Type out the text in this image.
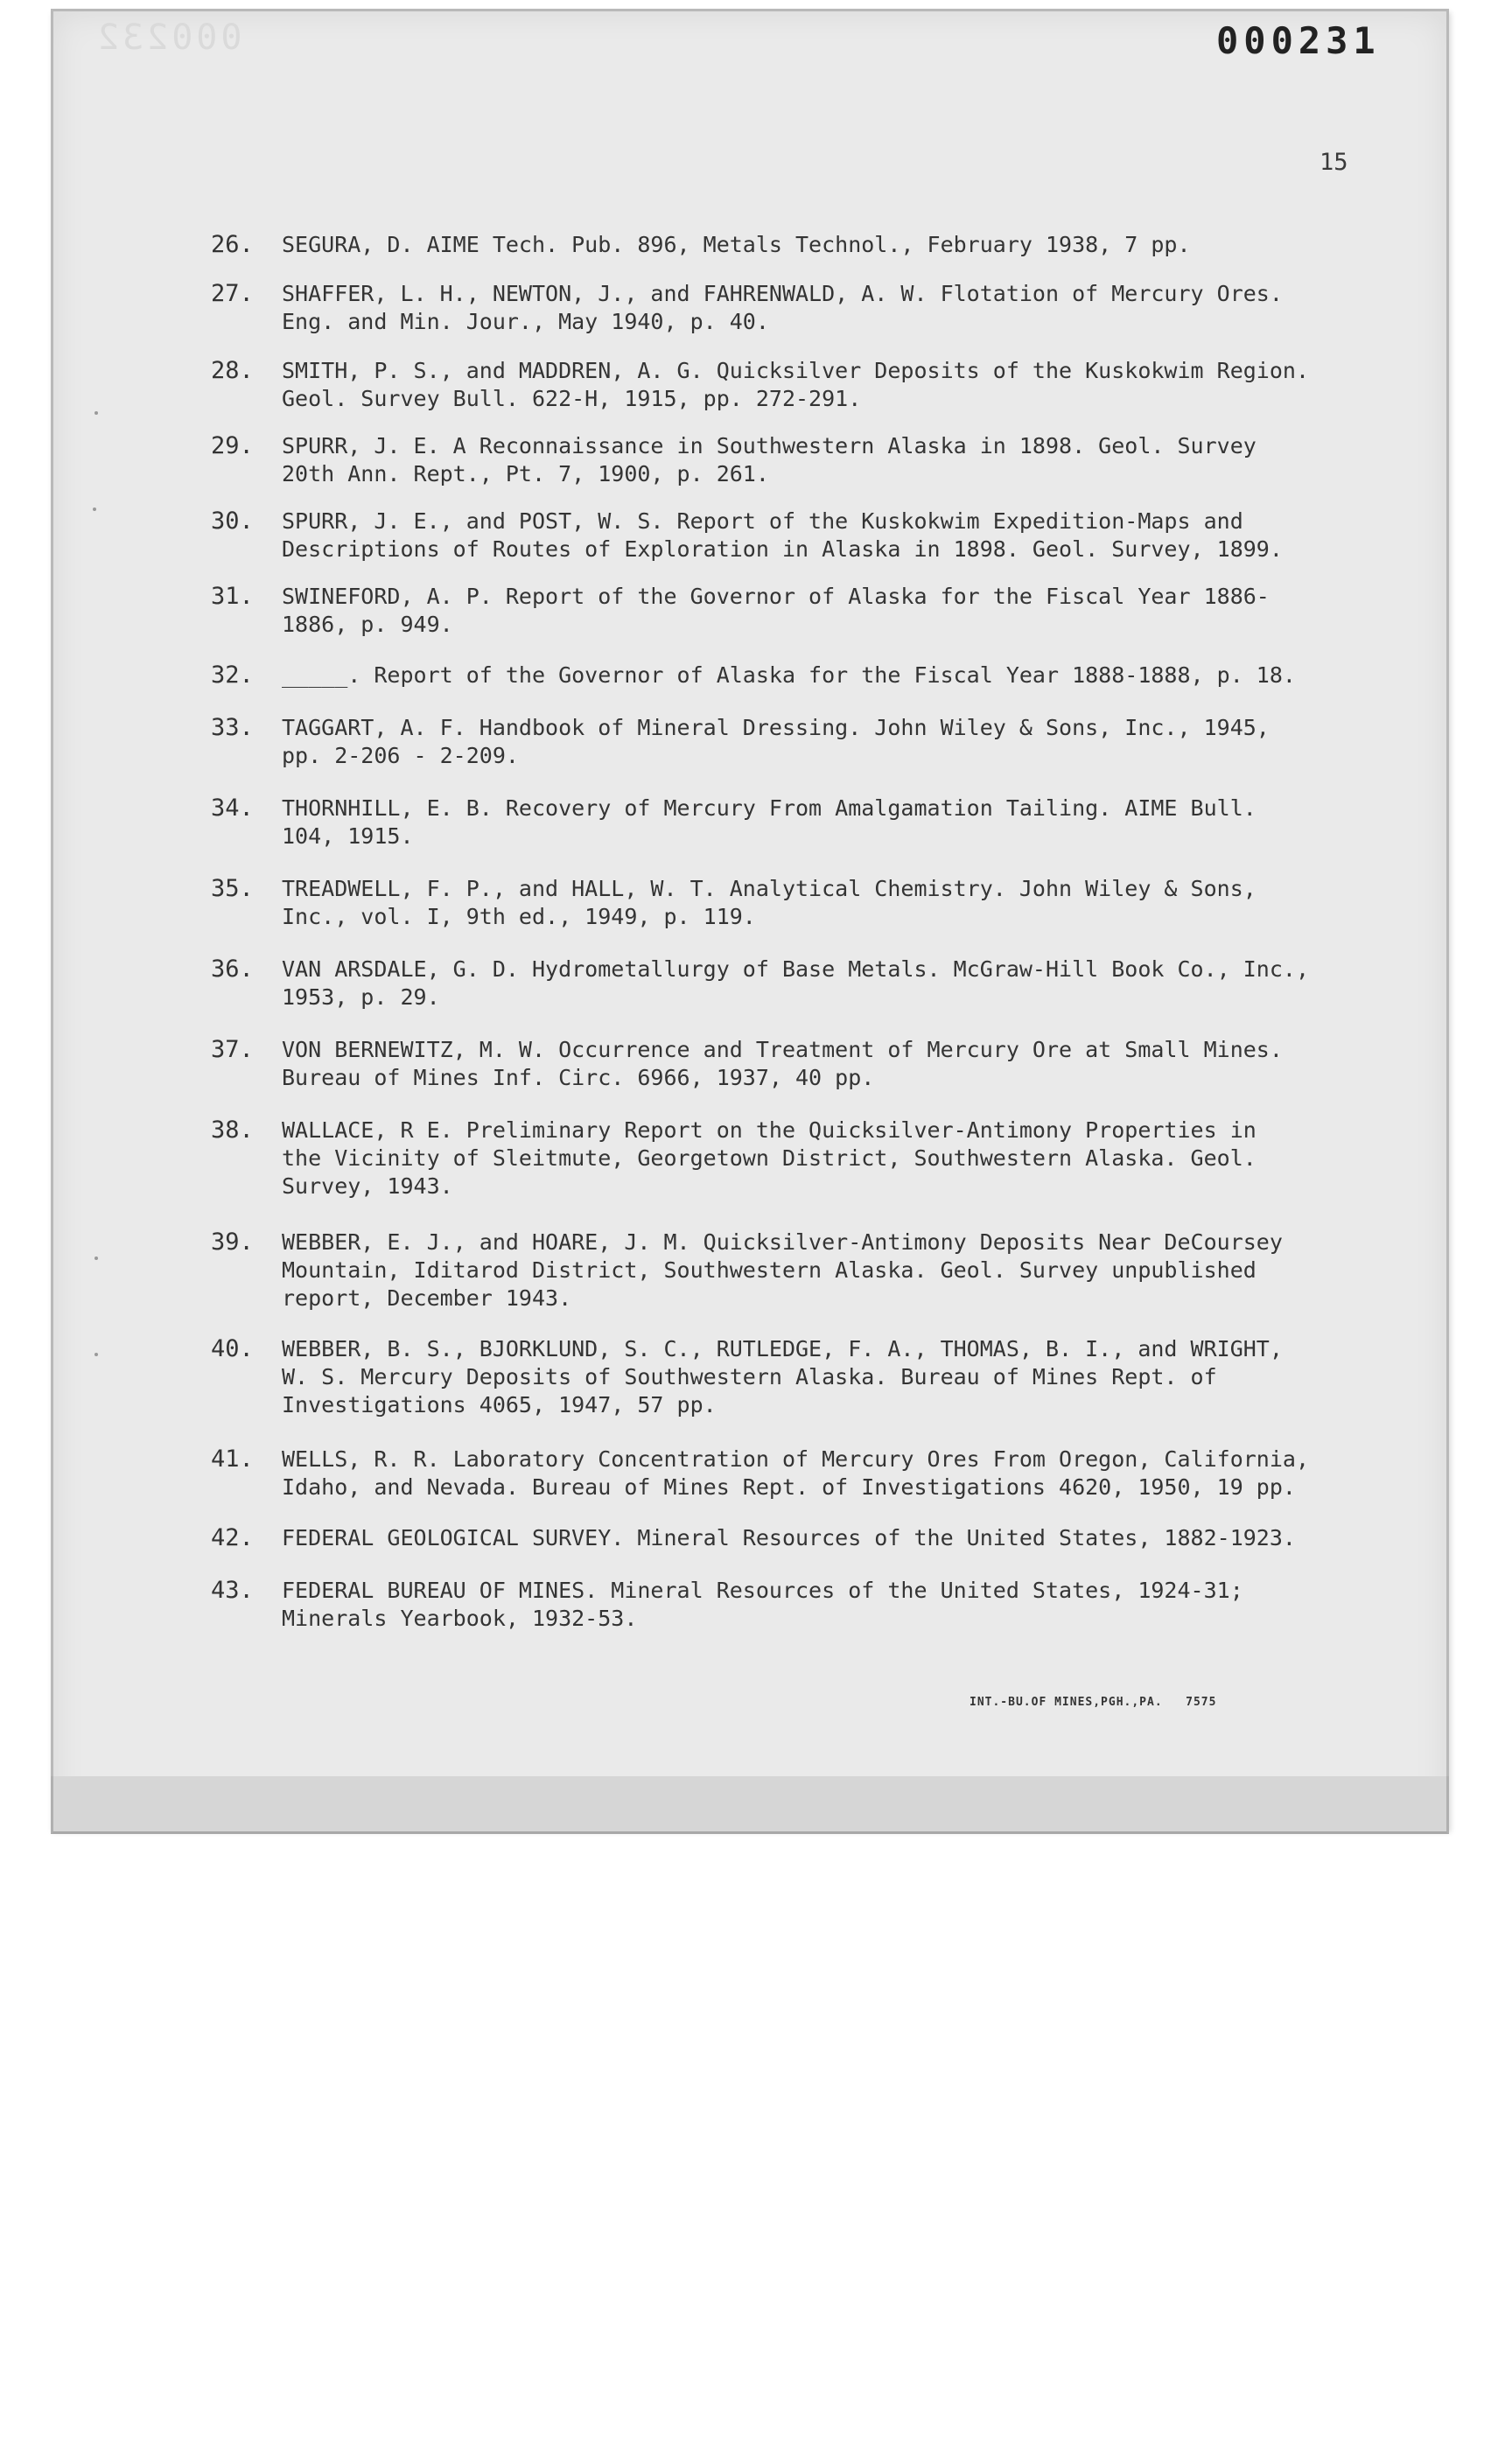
000232	000231
15
26. SEGURA, D. AIME Tech. Pub. 896, Metals Technol., February 1938, 7 pp.
27. SHAFFER, L. H., NEWTON, J., and FAHRENWALD, A. W. Flotation of Mercury Ores.
Eng. and Min. Jour., May 1940, p. 40.
28. SMITH, P. S., and MADDREN, A. G. Quicksilver Deposits of the Kuskokwim Region.
Geol. Survey Bull. 622-H, 1915, pp. 272-291.
29. SPURR, J. E. A Reconnaissance in Southwestern Alaska in 1898. Geol. Survey
20th Ann. Rept., Pt. 7, 1900, p. 261.
30. SPURR, J. E., and POST, W. S. Report of the Kuskokwim Expedition-Maps and
Descriptions of Routes of Exploration in Alaska in 1898. Geol. Survey, 1899.
31. SWINEFORD, A. P. Report of the Governor of Alaska for the Fiscal Year 1886-
1886, p. 949.
32. _____. Report of the Governor of Alaska for the Fiscal Year 1888-1888, p. 18.
33. TAGGART, A. F. Handbook of Mineral Dressing. John Wiley & Sons, Inc., 1945,
pp. 2-206 - 2-209.
34. THORNHILL, E. B. Recovery of Mercury From Amalgamation Tailing. AIME Bull.
104, 1915.
35. TREADWELL, F. P., and HALL, W. T. Analytical Chemistry. John Wiley & Sons,
Inc., vol. I, 9th ed., 1949, p. 119.
36. VAN ARSDALE, G. D. Hydrometallurgy of Base Metals. McGraw-Hill Book Co., Inc.,
1953, p. 29.
37. VON BERNEWITZ, M. W. Occurrence and Treatment of Mercury Ore at Small Mines.
Bureau of Mines Inf. Circ. 6966, 1937, 40 pp.
38. WALLACE, R E. Preliminary Report on the Quicksilver-Antimony Properties in
the Vicinity of Sleitmute, Georgetown District, Southwestern Alaska. Geol.
Survey, 1943.
39. WEBBER, E. J., and HOARE, J. M. Quicksilver-Antimony Deposits Near DeCoursey
Mountain, Iditarod District, Southwestern Alaska. Geol. Survey unpublished
report, December 1943.
40. WEBBER, B. S., BJORKLUND, S. C., RUTLEDGE, F. A., THOMAS, B. I., and WRIGHT,
W. S. Mercury Deposits of Southwestern Alaska. Bureau of Mines Rept. of
Investigations 4065, 1947, 57 pp.
41. WELLS, R. R. Laboratory Concentration of Mercury Ores From Oregon, California,
Idaho, and Nevada. Bureau of Mines Rept. of Investigations 4620, 1950, 19 pp.
42. FEDERAL GEOLOGICAL SURVEY. Mineral Resources of the United States, 1882-1923.
43. FEDERAL BUREAU OF MINES. Mineral Resources of the United States, 1924-31;
Minerals Yearbook, 1932-53.
INT.-BU.OF MINES,PGH.,PA.   7575
